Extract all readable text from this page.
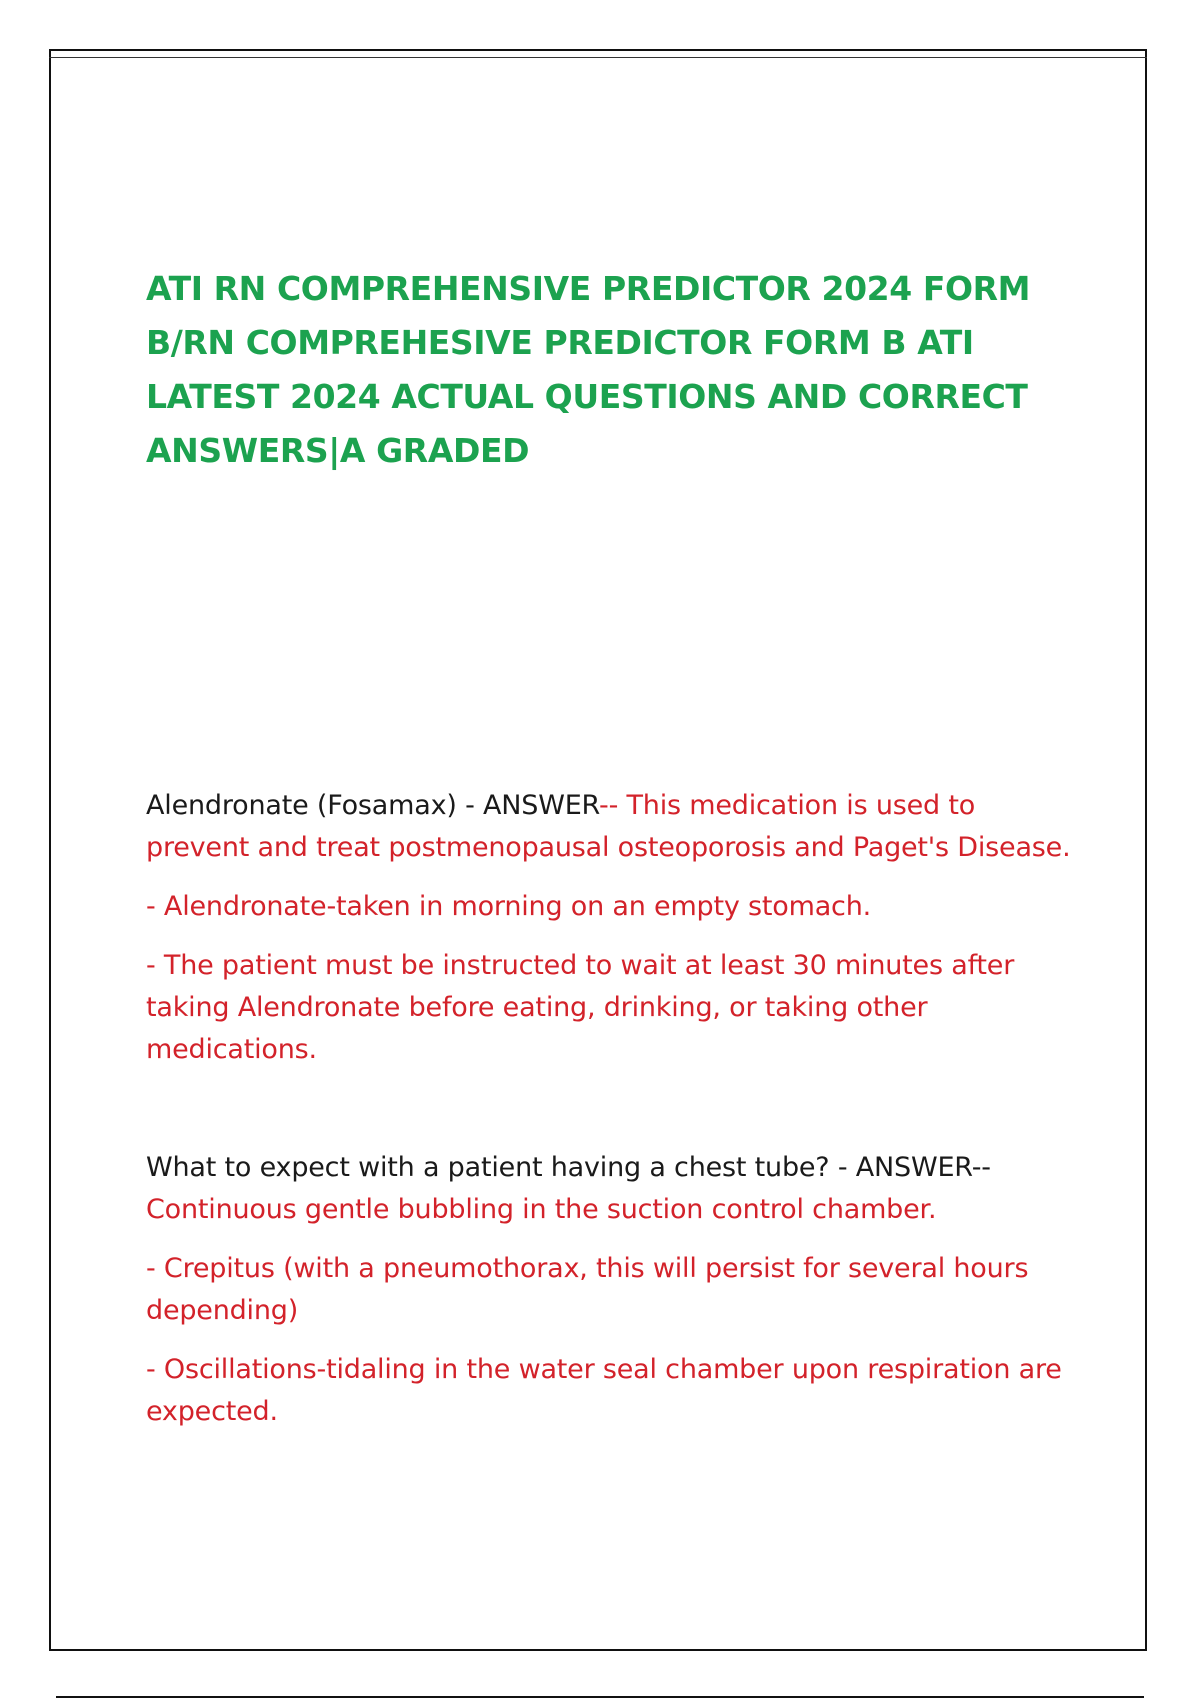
ATI RN COMPREHENSIVE PREDICTOR 2024 FORM B/RN COMPREHESIVE PREDICTOR FORM B ATI LATEST 2024 ACTUAL QUESTIONS AND CORRECT ANSWERS|A GRADED

Alendronate (Fosamax) - ANSWER-- This medication is used to prevent and treat postmenopausal osteoporosis and Paget's Disease.

- Alendronate-taken in morning on an empty stomach.

- The patient must be instructed to wait at least 30 minutes after taking Alendronate before eating, drinking, or taking other medications.

What to expect with a patient having a chest tube? - ANSWER--
Continuous gentle bubbling in the suction control chamber.

- Crepitus (with a pneumothorax, this will persist for several hours depending)

- Oscillations-tidaling in the water seal chamber upon respiration are expected.
